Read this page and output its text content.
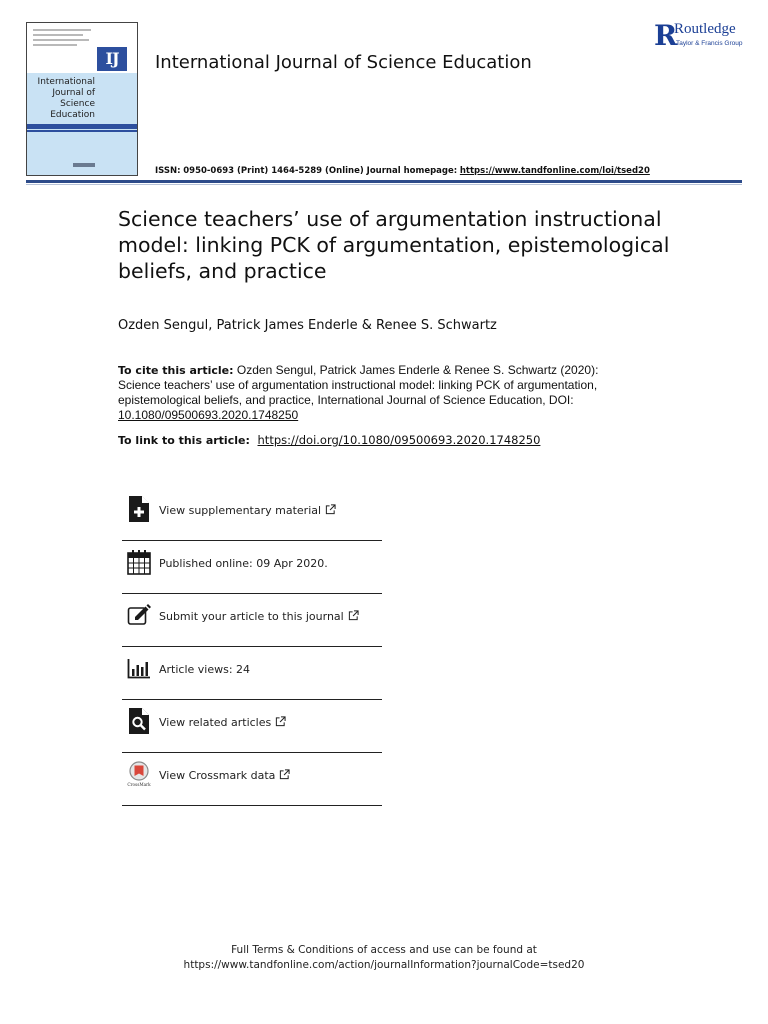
IJ
International
Journal of
Science
Education
International Journal of Science Education
R
Routledge
Taylor & Francis Group
ISSN: 0950-0693 (Print) 1464-5289 (Online) Journal homepage: https://www.tandfonline.com/loi/tsed20
Science teachers’ use of argumentation instructional model: linking PCK of argumentation, epistemological beliefs, and practice
Ozden Sengul, Patrick James Enderle & Renee S. Schwartz
To cite this article: Ozden Sengul, Patrick James Enderle & Renee S. Schwartz (2020): Science teachers’ use of argumentation instructional model: linking PCK of argumentation, epistemological beliefs, and practice, International Journal of Science Education, DOI: 10.1080/09500693.2020.1748250
To link to this article: https://doi.org/10.1080/09500693.2020.1748250
View supplementary material
Published online: 09 Apr 2020.
Submit your article to this journal
Article views: 24
View related articles
CrossMark
View Crossmark data
Full Terms & Conditions of access and use can be found at
https://www.tandfonline.com/action/journalInformation?journalCode=tsed20
